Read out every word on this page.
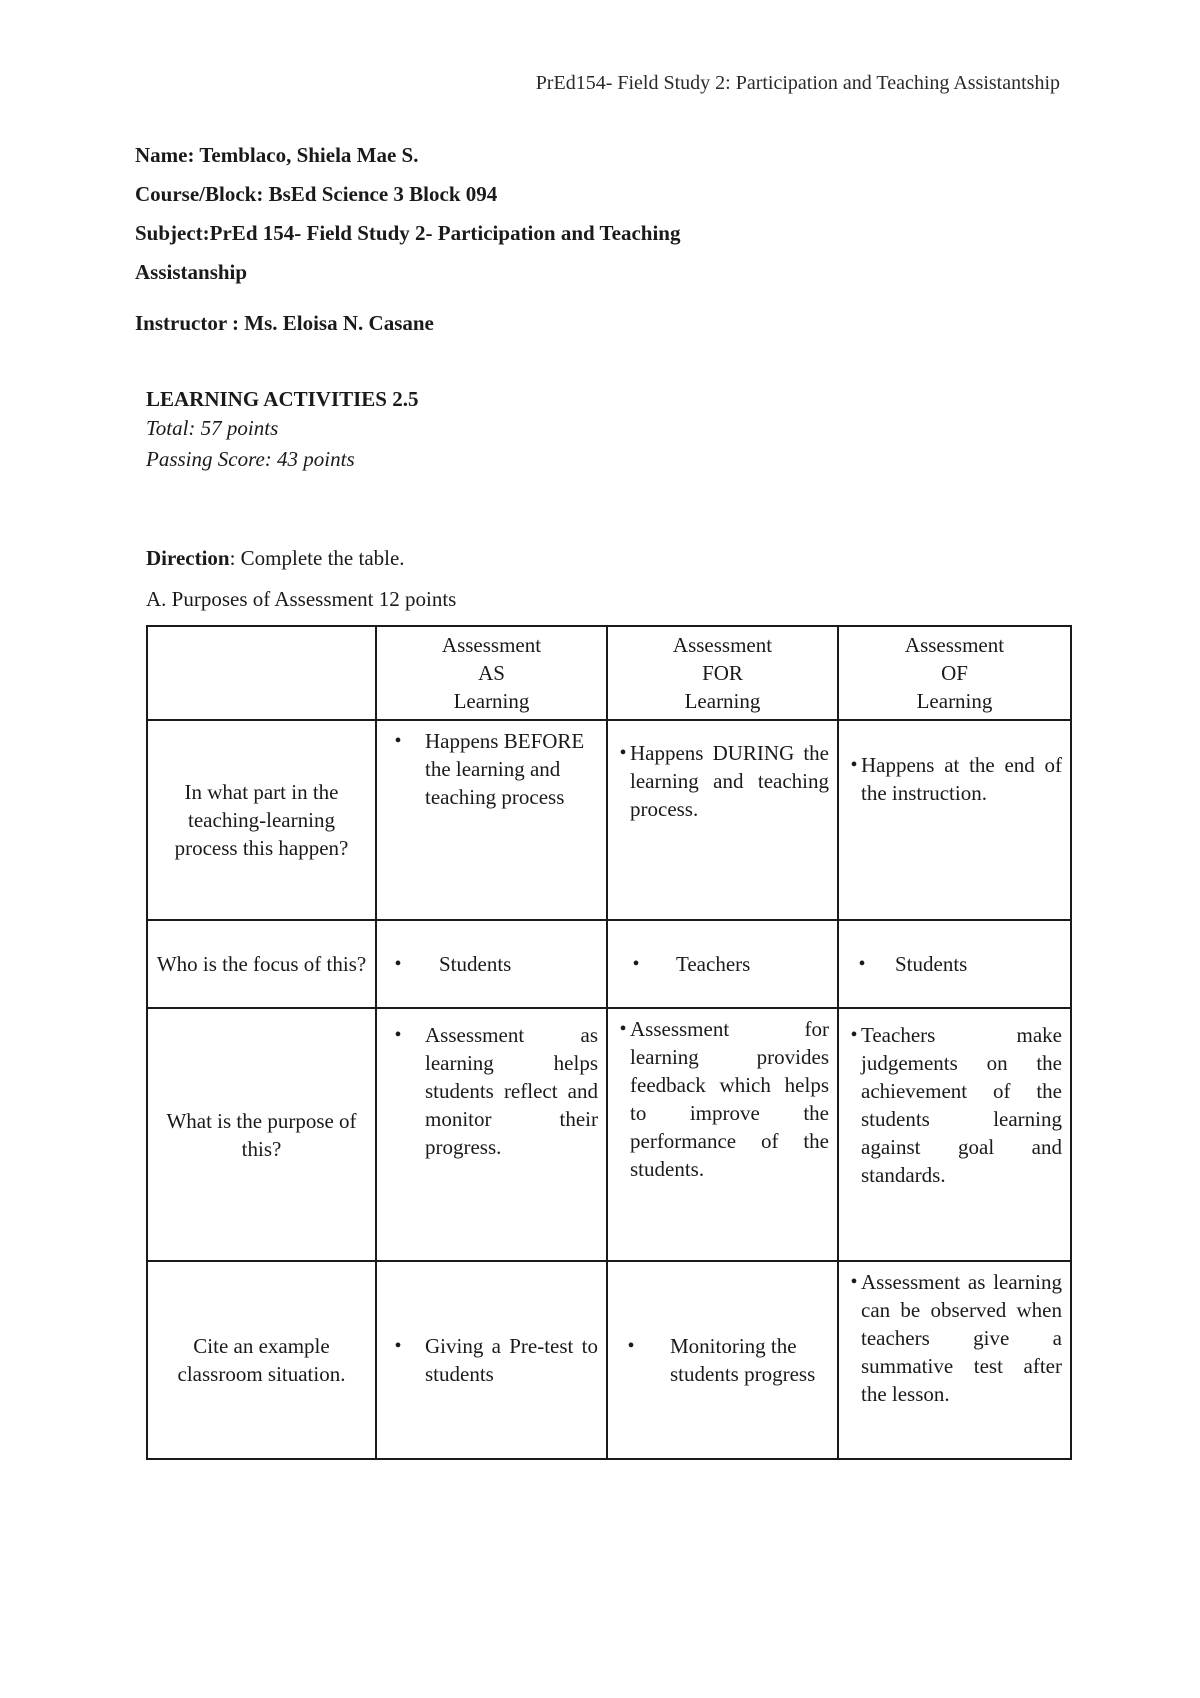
PrEd154- Field Study 2: Participation and Teaching Assistantship
Name: Temblaco, Shiela Mae S.
Course/Block: BsEd Science 3 Block 094
Subject:PrEd 154- Field Study 2- Participation and Teaching
Assistanship
Instructor : Ms. Eloisa N. Casane
LEARNING ACTIVITIES 2.5
Total: 57 points
Passing Score: 43 points
Direction: Complete the table.
A. Purposes of Assessment 12 points

	Assessment
AS
Learning	Assessment
FOR
Learning	Assessment
OF
Learning

In what part in the teaching-learning process this happen?	• Happens BEFORE the learning and teaching process	• Happens DURING the learning and teaching process.	• Happens at the end of the instruction.

Who is the focus of this?	• Students	• Teachers	• Students

What is the purpose of this?	• Assessment as learning helps students reflect and monitor their progress.	• Assessment for learning provides feedback which helps to improve the performance of the students.	• Teachers make judgements on the achievement of the students learning against goal and standards.

Cite an example classroom situation.	• Giving a Pre-test to students	• Monitoring the students progress	• Assessment as learning can be observed when teachers give a summative test after the lesson.
